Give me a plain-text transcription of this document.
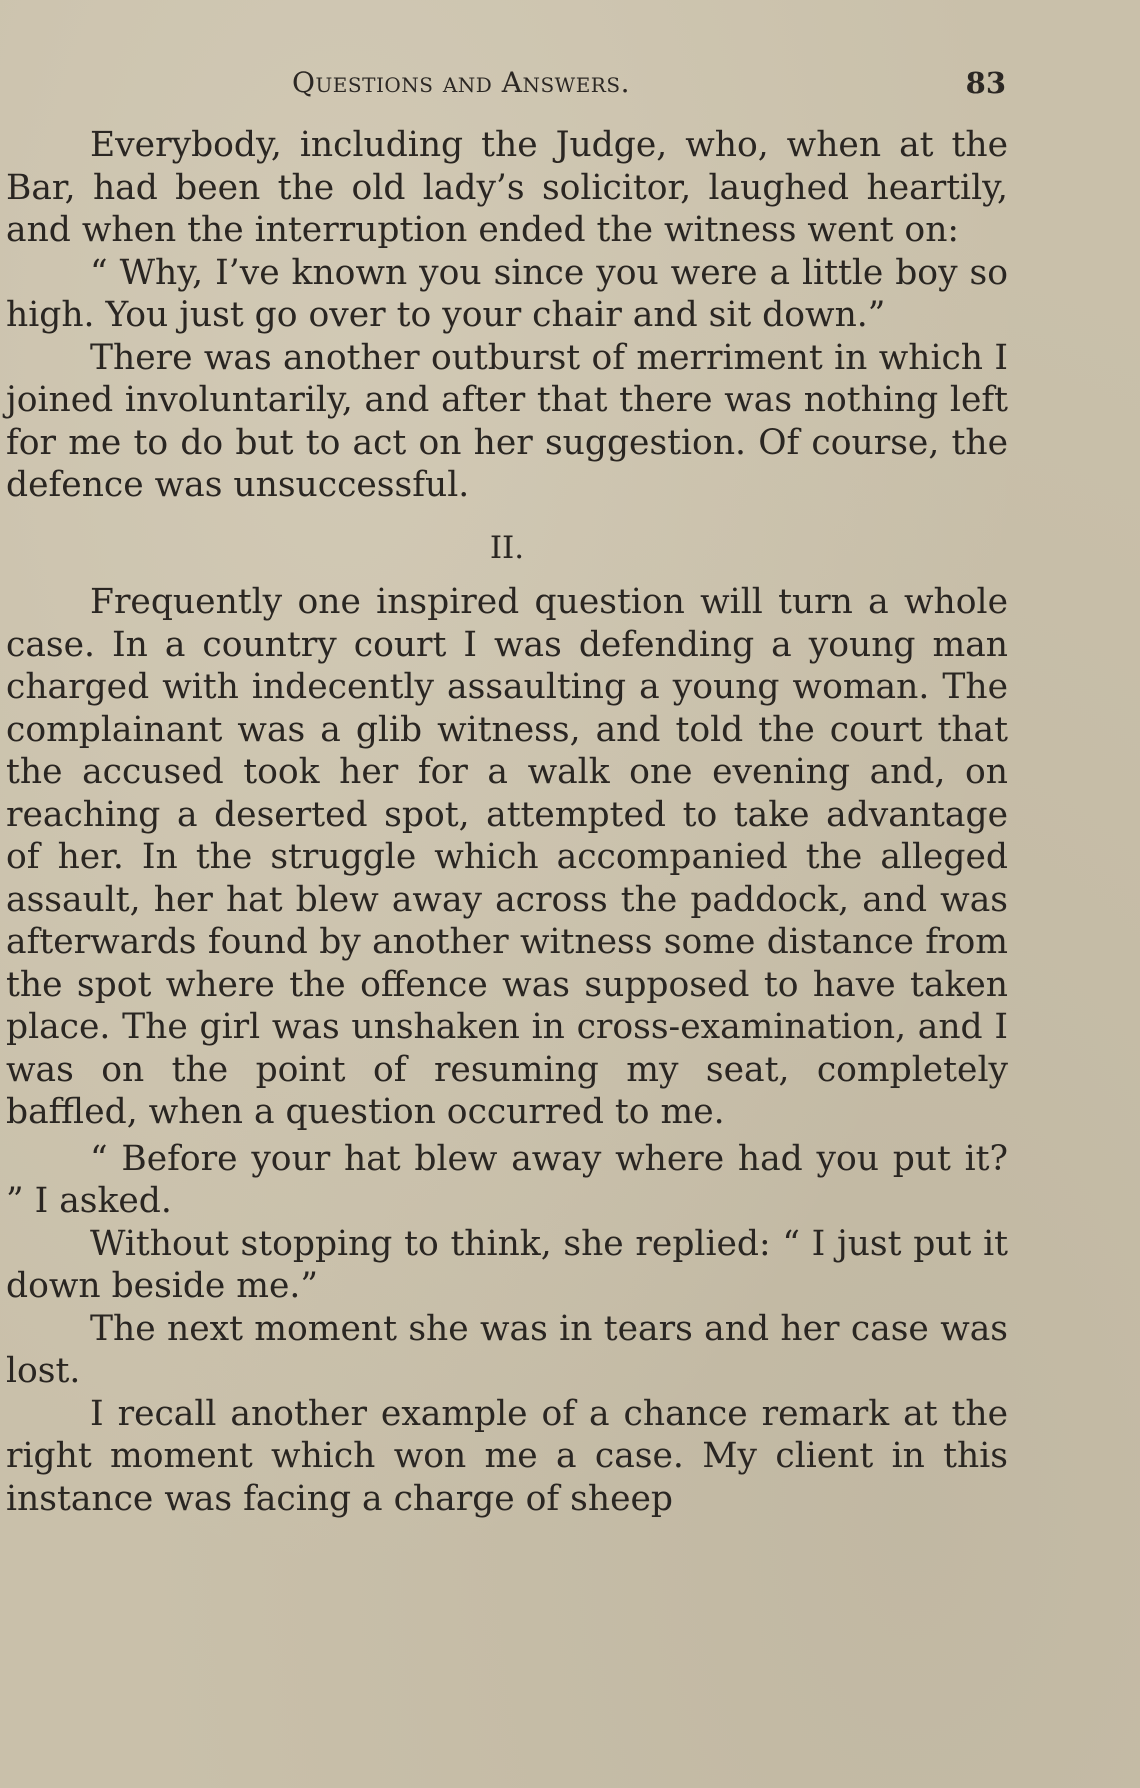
Questions and Answers.	83

Everybody, including the Judge, who, when at the Bar, had been the old lady’s solicitor, laughed heartily, and when the interruption ended the witness went on:

“ Why, I’ve known you since you were a little boy so high. You just go over to your chair and sit down.”

There was another outburst of merriment in which I joined involuntarily, and after that there was nothing left for me to do but to act on her suggestion. Of course, the defence was unsuccessful.

II.

Frequently one inspired question will turn a whole case. In a country court I was defending a young man charged with indecently assaulting a young woman. The complainant was a glib witness, and told the court that the accused took her for a walk one evening and, on reaching a deserted spot, attempted to take advantage of her. In the struggle which accompanied the alleged assault, her hat blew away across the paddock, and was afterwards found by another witness some distance from the spot where the offence was supposed to have taken place. The girl was unshaken in cross-examination, and I was on the point of resuming my seat, completely baffled, when a question occurred to me.

“ Before your hat blew away where had you put it? ” I asked.

Without stopping to think, she replied: “ I just put it down beside me.”

The next moment she was in tears and her case was lost.

I recall another example of a chance remark at the right moment which won me a case. My client in this instance was facing a charge of sheep
